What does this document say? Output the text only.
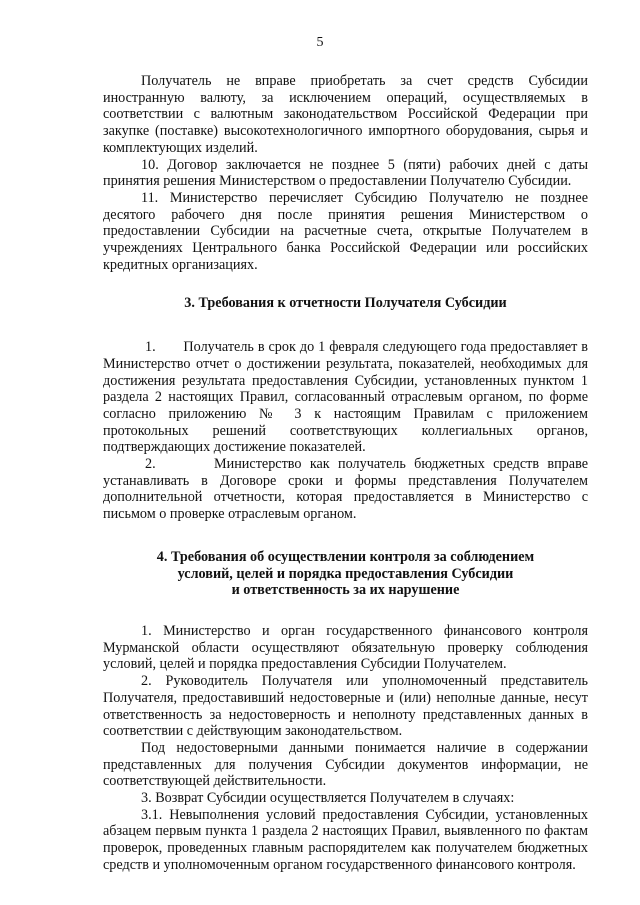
5

Получатель не вправе приобретать за счет средств Субсидии иностранную валюту, за исключением операций, осуществляемых в соответствии с валютным законодательством Российской Федерации при закупке (поставке) высокотехнологичного импортного оборудования, сырья и комплектующих изделий.

10. Договор заключается не позднее 5 (пяти) рабочих дней с даты принятия решения Министерством о предоставлении Получателю Субсидии.

11. Министерство перечисляет Субсидию Получателю не позднее десятого рабочего дня после принятия решения Министерством о предоставлении Субсидии на расчетные счета, открытые Получателем в учреждениях Центрального банка Российской Федерации или российских кредитных организациях.

3. Требования к отчетности Получателя Субсидии

1.       Получатель в срок до 1 февраля следующего года предоставляет в Министерство отчет о достижении результата, показателей, необходимых для достижения результата предоставления Субсидии, установленных пунктом 1 раздела 2 настоящих Правил, согласованный отраслевым органом, по форме согласно приложению № 3 к настоящим Правилам с приложением протокольных решений соответствующих коллегиальных органов, подтверждающих достижение показателей.

2.       Министерство как получатель бюджетных средств вправе устанавливать в Договоре сроки и формы представления Получателем дополнительной отчетности, которая предоставляется в Министерство с письмом о проверке отраслевым органом.

4. Требования об осуществлении контроля за соблюдением
условий, целей и порядка предоставления Субсидии
и ответственность за их нарушение

1. Министерство и орган государственного финансового контроля Мурманской области осуществляют обязательную проверку соблюдения условий, целей и порядка предоставления Субсидии Получателем.

2. Руководитель Получателя или уполномоченный представитель Получателя, предоставивший недостоверные и (или) неполные данные, несут ответственность за недостоверность и неполноту представленных данных в соответствии с действующим законодательством.

Под недостоверными данными понимается наличие в содержании представленных для получения Субсидии документов информации, не соответствующей действительности.

3. Возврат Субсидии осуществляется Получателем в случаях:

3.1. Невыполнения условий предоставления Субсидии, установленных абзацем первым пункта 1 раздела 2 настоящих Правил, выявленного по фактам проверок, проведенных главным распорядителем как получателем бюджетных средств и уполномоченным органом государственного финансового контроля.
